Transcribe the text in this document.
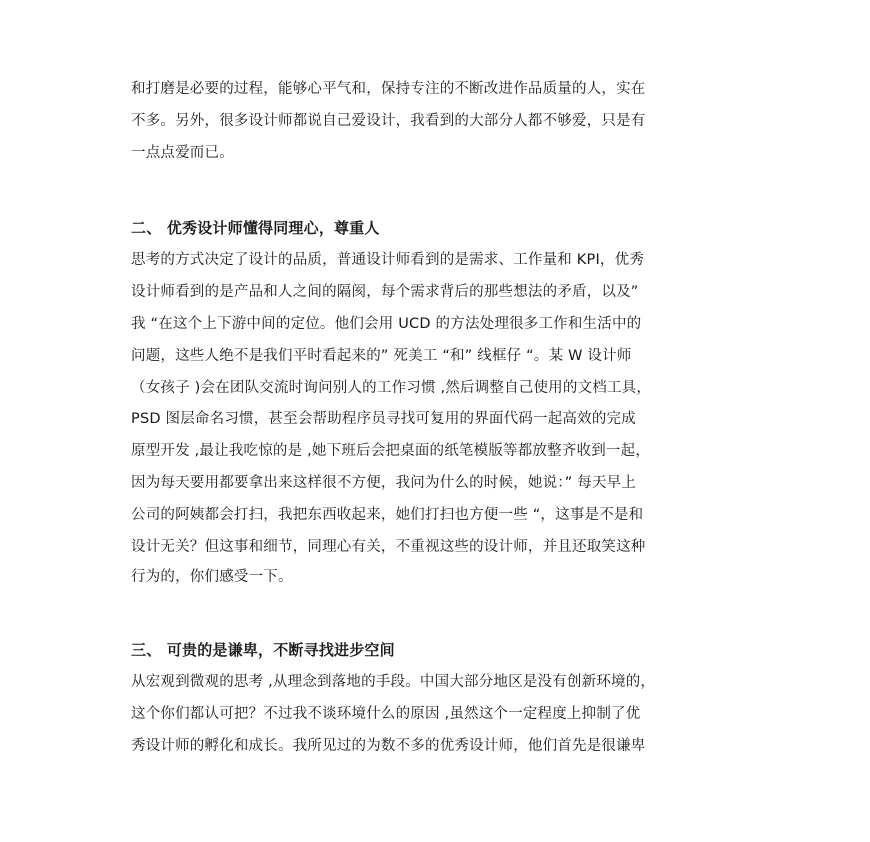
和打磨是必要的过程，能够心平气和，保持专注的不断改进作品质量的人，实在
不多。另外，很多设计师都说自己爱设计，我看到的大部分人都不够爱，只是有
一点点爱而已。
二、 优秀设计师懂得同理心，尊重人
思考的方式决定了设计的品质，普通设计师看到的是需求、工作量和 KPI，优秀
设计师看到的是产品和人之间的隔阂，每个需求背后的那些想法的矛盾，以及”
我 “在这个上下游中间的定位。他们会用 UCD 的方法处理很多工作和生活中的
问题，这些人绝不是我们平时看起来的” 死美工 “和” 线框仔 “。某 W 设计师
（女孩子 )会在团队交流时询问别人的工作习惯 ,然后调整自己使用的文档工具，
PSD 图层命名习惯，甚至会帮助程序员寻找可复用的界面代码一起高效的完成
原型开发 ,最让我吃惊的是 ,她下班后会把桌面的纸笔模版等都放整齐收到一起，
因为每天要用都要拿出来这样很不方便，我问为什么的时候，她说：” 每天早上
公司的阿姨都会打扫，我把东西收起来，她们打扫也方便一些 “，这事是不是和
设计无关？但这事和细节，同理心有关，不重视这些的设计师，并且还取笑这种
行为的，你们感受一下。
三、 可贵的是谦卑，不断寻找进步空间
从宏观到微观的思考 ,从理念到落地的手段。中国大部分地区是没有创新环境的，
这个你们都认可把？不过我不谈环境什么的原因 ,虽然这个一定程度上抑制了优
秀设计师的孵化和成长。我所见过的为数不多的优秀设计师，他们首先是很谦卑
